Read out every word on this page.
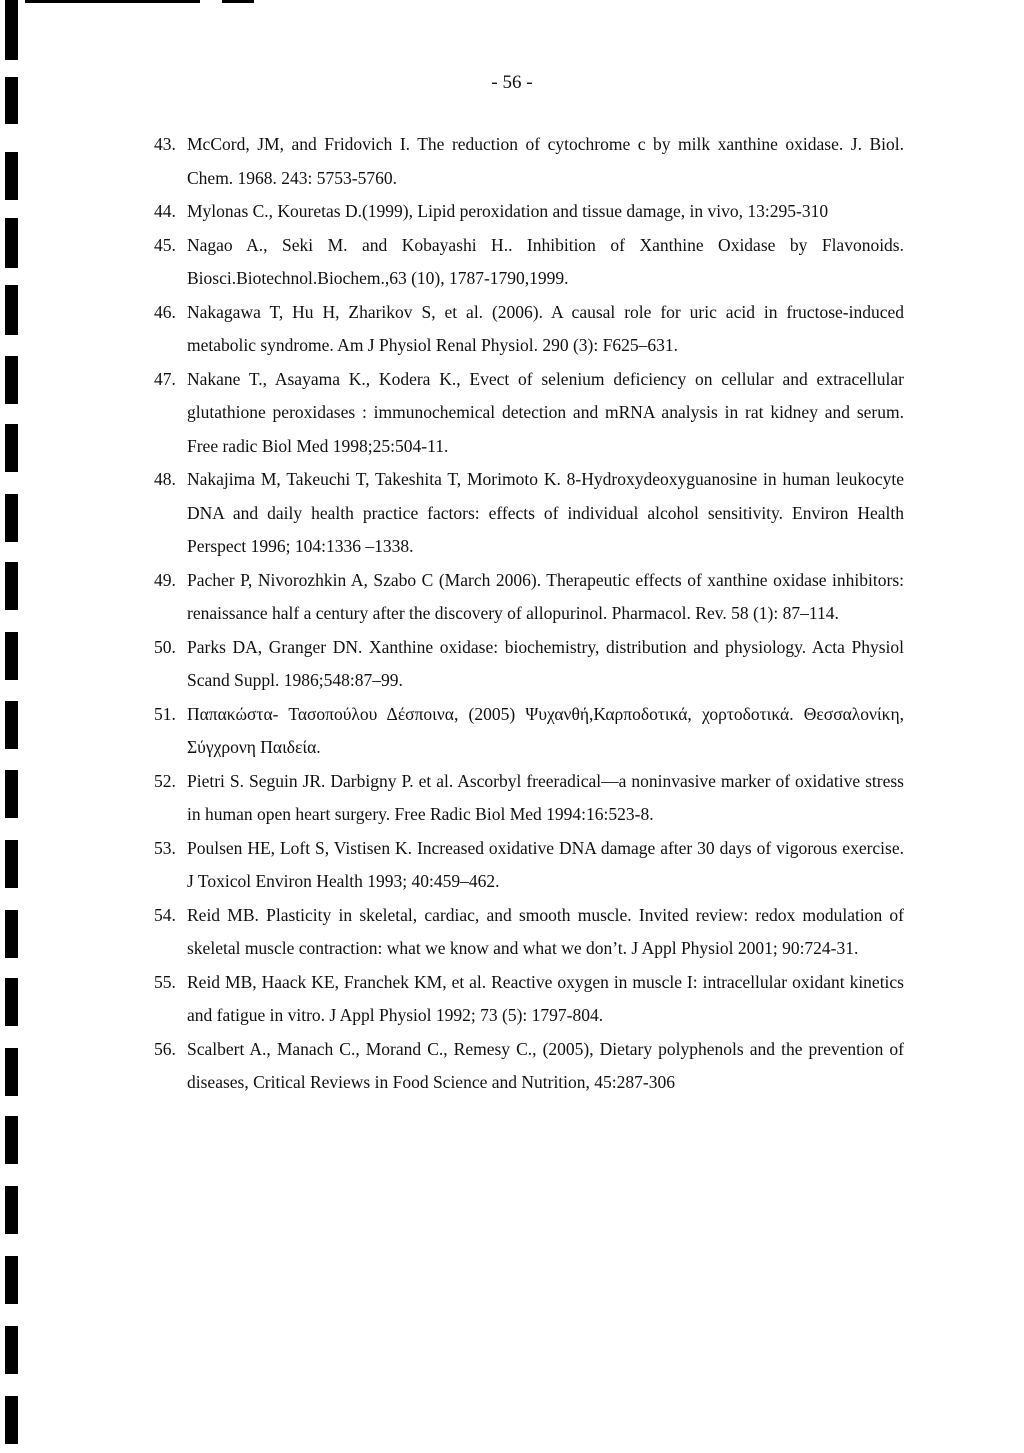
- 56 -
43. McCord, JM, and Fridovich I. The reduction of cytochrome c by milk xanthine oxidase. J. Biol. Chem. 1968. 243: 5753-5760.
44. Mylonas C., Kouretas D.(1999), Lipid peroxidation and tissue damage, in vivo, 13:295-310
45. Nagao A., Seki M. and Kobayashi H.. Inhibition of Xanthine Oxidase by Flavonoids. Biosci.Biotechnol.Biochem.,63 (10), 1787-1790,1999.
46. Nakagawa T, Hu H, Zharikov S, et al. (2006). A causal role for uric acid in fructose-induced metabolic syndrome. Am J Physiol Renal Physiol. 290 (3): F625–631.
47. Nakane T., Asayama K., Kodera K., Evect of selenium deficiency on cellular and extracellular glutathione peroxidases : immunochemical detection and mRNA analysis in rat kidney and serum. Free radic Biol Med 1998;25:504-11.
48. Nakajima M, Takeuchi T, Takeshita T, Morimoto K. 8-Hydroxydeoxyguanosine in human leukocyte DNA and daily health practice factors: effects of individual alcohol sensitivity. Environ Health Perspect 1996; 104:1336 –1338.
49. Pacher P, Nivorozhkin A, Szabo C (March 2006). Therapeutic effects of xanthine oxidase inhibitors: renaissance half a century after the discovery of allopurinol. Pharmacol. Rev. 58 (1): 87–114.
50. Parks DA, Granger DN. Xanthine oxidase: biochemistry, distribution and physiology. Acta Physiol Scand Suppl. 1986;548:87–99.
51. Παπακώστα- Τασοπούλου Δέσποινα, (2005) Ψυχανθή,Καρποδοτικά, χορτοδοτικά. Θεσσαλονίκη, Σύγχρονη Παιδεία.
52. Pietri S. Seguin JR. Darbigny P. et al. Ascorbyl freeradical—a noninvasive marker of oxidative stress in human open heart surgery. Free Radic Biol Med 1994:16:523-8.
53. Poulsen HE, Loft S, Vistisen K. Increased oxidative DNA damage after 30 days of vigorous exercise. J Toxicol Environ Health 1993; 40:459–462.
54. Reid MB. Plasticity in skeletal, cardiac, and smooth muscle. Invited review: redox modulation of skeletal muscle contraction: what we know and what we don’t. J Appl Physiol 2001; 90:724-31.
55. Reid MB, Haack KE, Franchek KM, et al. Reactive oxygen in muscle I: intracellular oxidant kinetics and fatigue in vitro. J Appl Physiol 1992; 73 (5): 1797-804.
56. Scalbert A., Manach C., Morand C., Remesy C., (2005), Dietary polyphenols and the prevention of diseases, Critical Reviews in Food Science and Nutrition, 45:287-306
